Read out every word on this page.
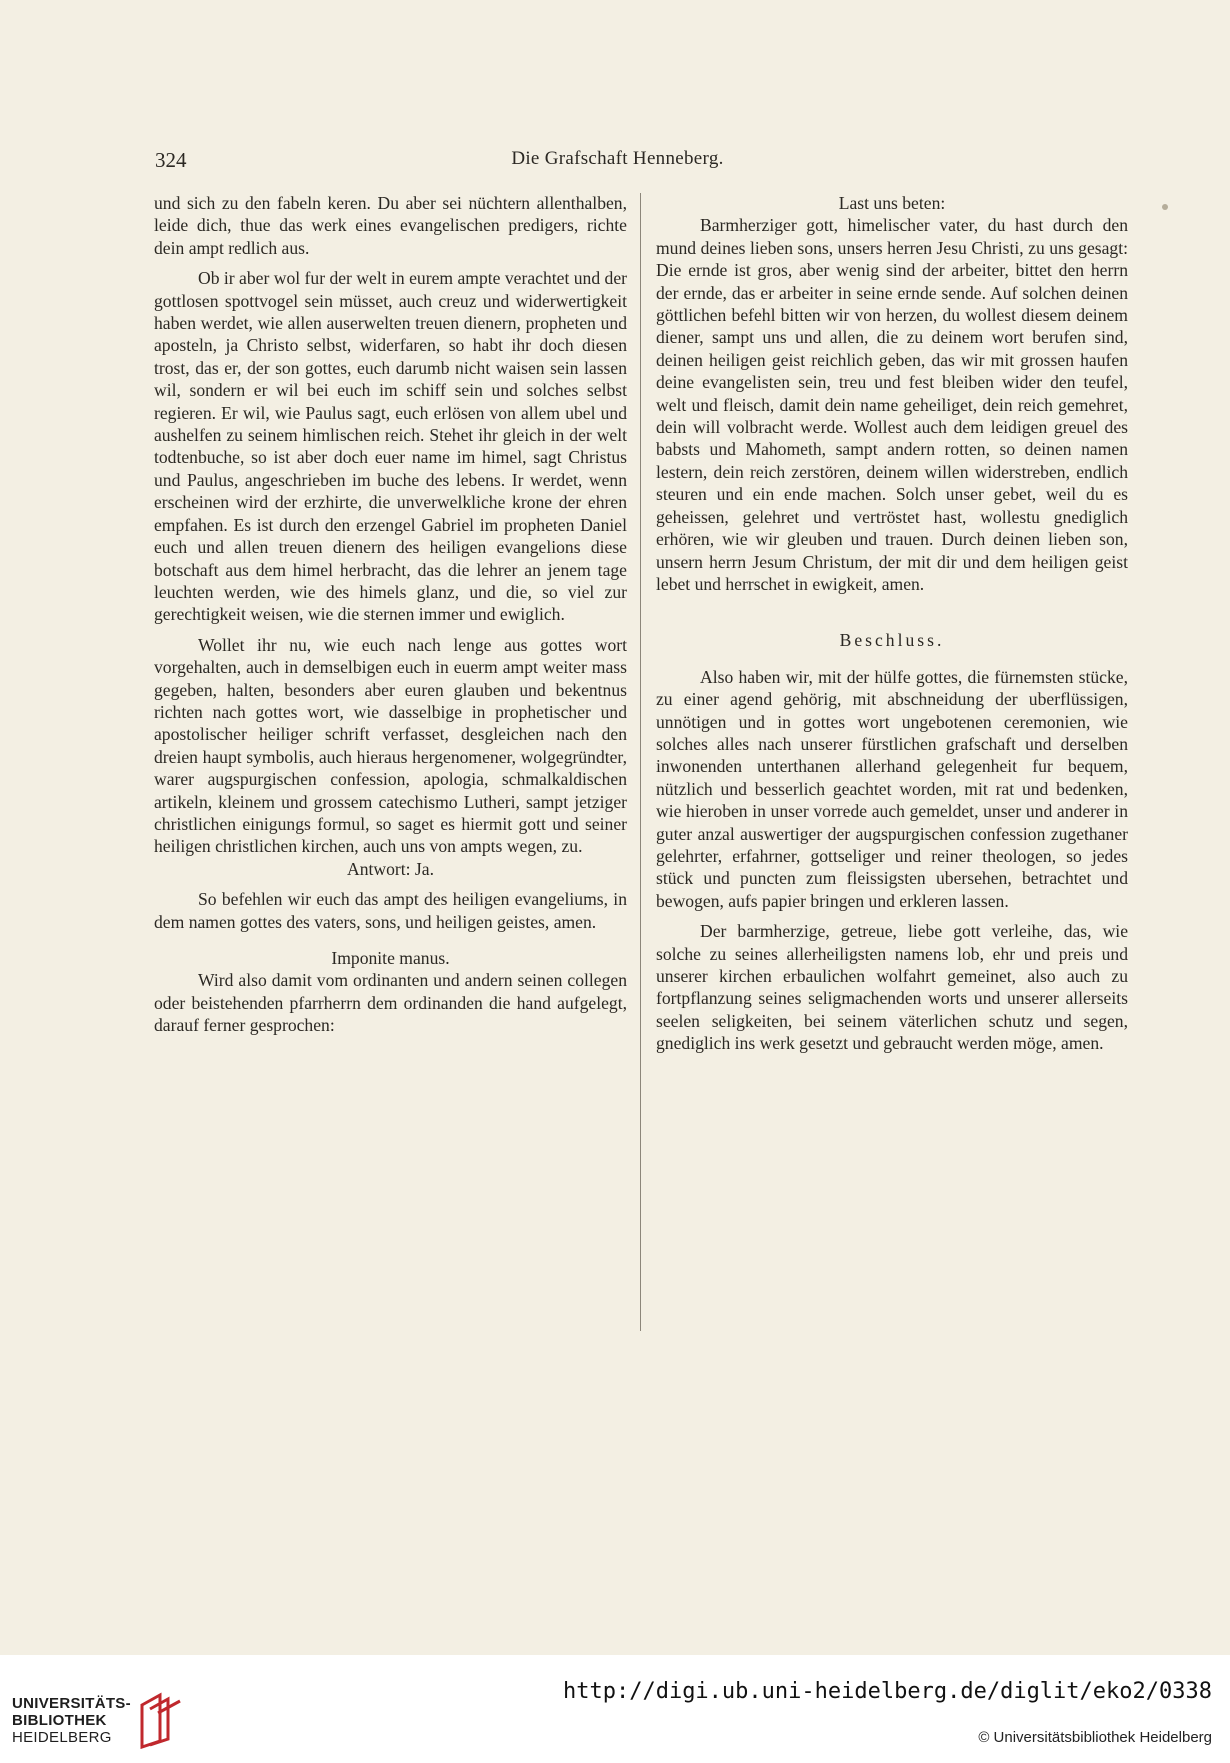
324	Die Grafschaft Henneberg.

und sich zu den fabeln keren. Du aber sei nüchtern allenthalben, leide dich, thue das werk eines evangelischen predigers, richte dein ampt redlich aus.

Ob ir aber wol fur der welt in eurem ampte verachtet und der gottlosen spottvogel sein müsset, auch creuz und widerwertigkeit haben werdet, wie allen auserwelten treuen dienern, propheten und aposteln, ja Christo selbst, widerfaren, so habt ihr doch diesen trost, das er, der son gottes, euch darumb nicht waisen sein lassen wil, sondern er wil bei euch im schiff sein und solches selbst regieren. Er wil, wie Paulus sagt, euch erlösen von allem ubel und aushelfen zu seinem himlischen reich. Stehet ihr gleich in der welt todtenbuche, so ist aber doch euer name im himel, sagt Christus und Paulus, angeschrieben im buche des lebens. Ir werdet, wenn erscheinen wird der erzhirte, die unverwelkliche krone der ehren empfahen. Es ist durch den erzengel Gabriel im propheten Daniel euch und allen treuen dienern des heiligen evangelions diese botschaft aus dem himel herbracht, das die lehrer an jenem tage leuchten werden, wie des himels glanz, und die, so viel zur gerechtigkeit weisen, wie die sternen immer und ewiglich.

Wollet ihr nu, wie euch nach lenge aus gottes wort vorgehalten, auch in demselbigen euch in euerm ampt weiter mass gegeben, halten, besonders aber euren glauben und bekentnus richten nach gottes wort, wie dasselbige in prophetischer und apostolischer heiliger schrift verfasset, desgleichen nach den dreien haupt symbolis, auch hieraus hergenomener, wolgegründter, warer augspurgischen confession, apologia, schmalkaldischen artikeln, kleinem und grossem catechismo Lutheri, sampt jetziger christlichen einigungs formul, so saget es hiermit gott und seiner heiligen christlichen kirchen, auch uns von ampts wegen, zu.

Antwort: Ja.

So befehlen wir euch das ampt des heiligen evangeliums, in dem namen gottes des vaters, sons, und heiligen geistes, amen.

Imponite manus.

Wird also damit vom ordinanten und andern seinen collegen oder beistehenden pfarrherrn dem ordinanden die hand aufgelegt, darauf ferner gesprochen:

Last uns beten:

Barmherziger gott, himelischer vater, du hast durch den mund deines lieben sons, unsers herren Jesu Christi, zu uns gesagt: Die ernde ist gros, aber wenig sind der arbeiter, bittet den herrn der ernde, das er arbeiter in seine ernde sende. Auf solchen deinen göttlichen befehl bitten wir von herzen, du wollest diesem deinem diener, sampt uns und allen, die zu deinem wort berufen sind, deinen heiligen geist reichlich geben, das wir mit grossen haufen deine evangelisten sein, treu und fest bleiben wider den teufel, welt und fleisch, damit dein name geheiliget, dein reich gemehret, dein will volbracht werde. Wollest auch dem leidigen greuel des babsts und Mahometh, sampt andern rotten, so deinen namen lestern, dein reich zerstören, deinem willen widerstreben, endlich steuren und ein ende machen. Solch unser gebet, weil du es geheissen, gelehret und vertröstet hast, wollestu gnediglich erhören, wie wir gleuben und trauen. Durch deinen lieben son, unsern herrn Jesum Christum, der mit dir und dem heiligen geist lebet und herrschet in ewigkeit, amen.

Beschluss.

Also haben wir, mit der hülfe gottes, die fürnemsten stücke, zu einer agend gehörig, mit abschneidung der uberflüssigen, unnötigen und in gottes wort ungebotenen ceremonien, wie solches alles nach unserer fürstlichen grafschaft und derselben inwonenden unterthanen allerhand gelegenheit fur bequem, nützlich und besserlich geachtet worden, mit rat und bedenken, wie hieroben in unser vorrede auch gemeldet, unser und anderer in guter anzal auswertiger der augspurgischen confession zugethaner gelehrter, erfahrner, gottseliger und reiner theologen, so jedes stück und puncten zum fleissigsten ubersehen, betrachtet und bewogen, aufs papier bringen und erkleren lassen.

Der barmherzige, getreue, liebe gott verleihe, das, wie solche zu seines allerheiligsten namens lob, ehr und preis und unserer kirchen erbaulichen wolfahrt gemeinet, also auch zu fortpflanzung seines seligmachenden worts und unserer allerseits seelen seligkeiten, bei seinem väterlichen schutz und segen, gnediglich ins werk gesetzt und gebraucht werden möge, amen.

UNIVERSITÄTS-
BIBLIOTHEK
HEIDELBERG
http://digi.ub.uni-heidelberg.de/diglit/eko2/0338
© Universitätsbibliothek Heidelberg
